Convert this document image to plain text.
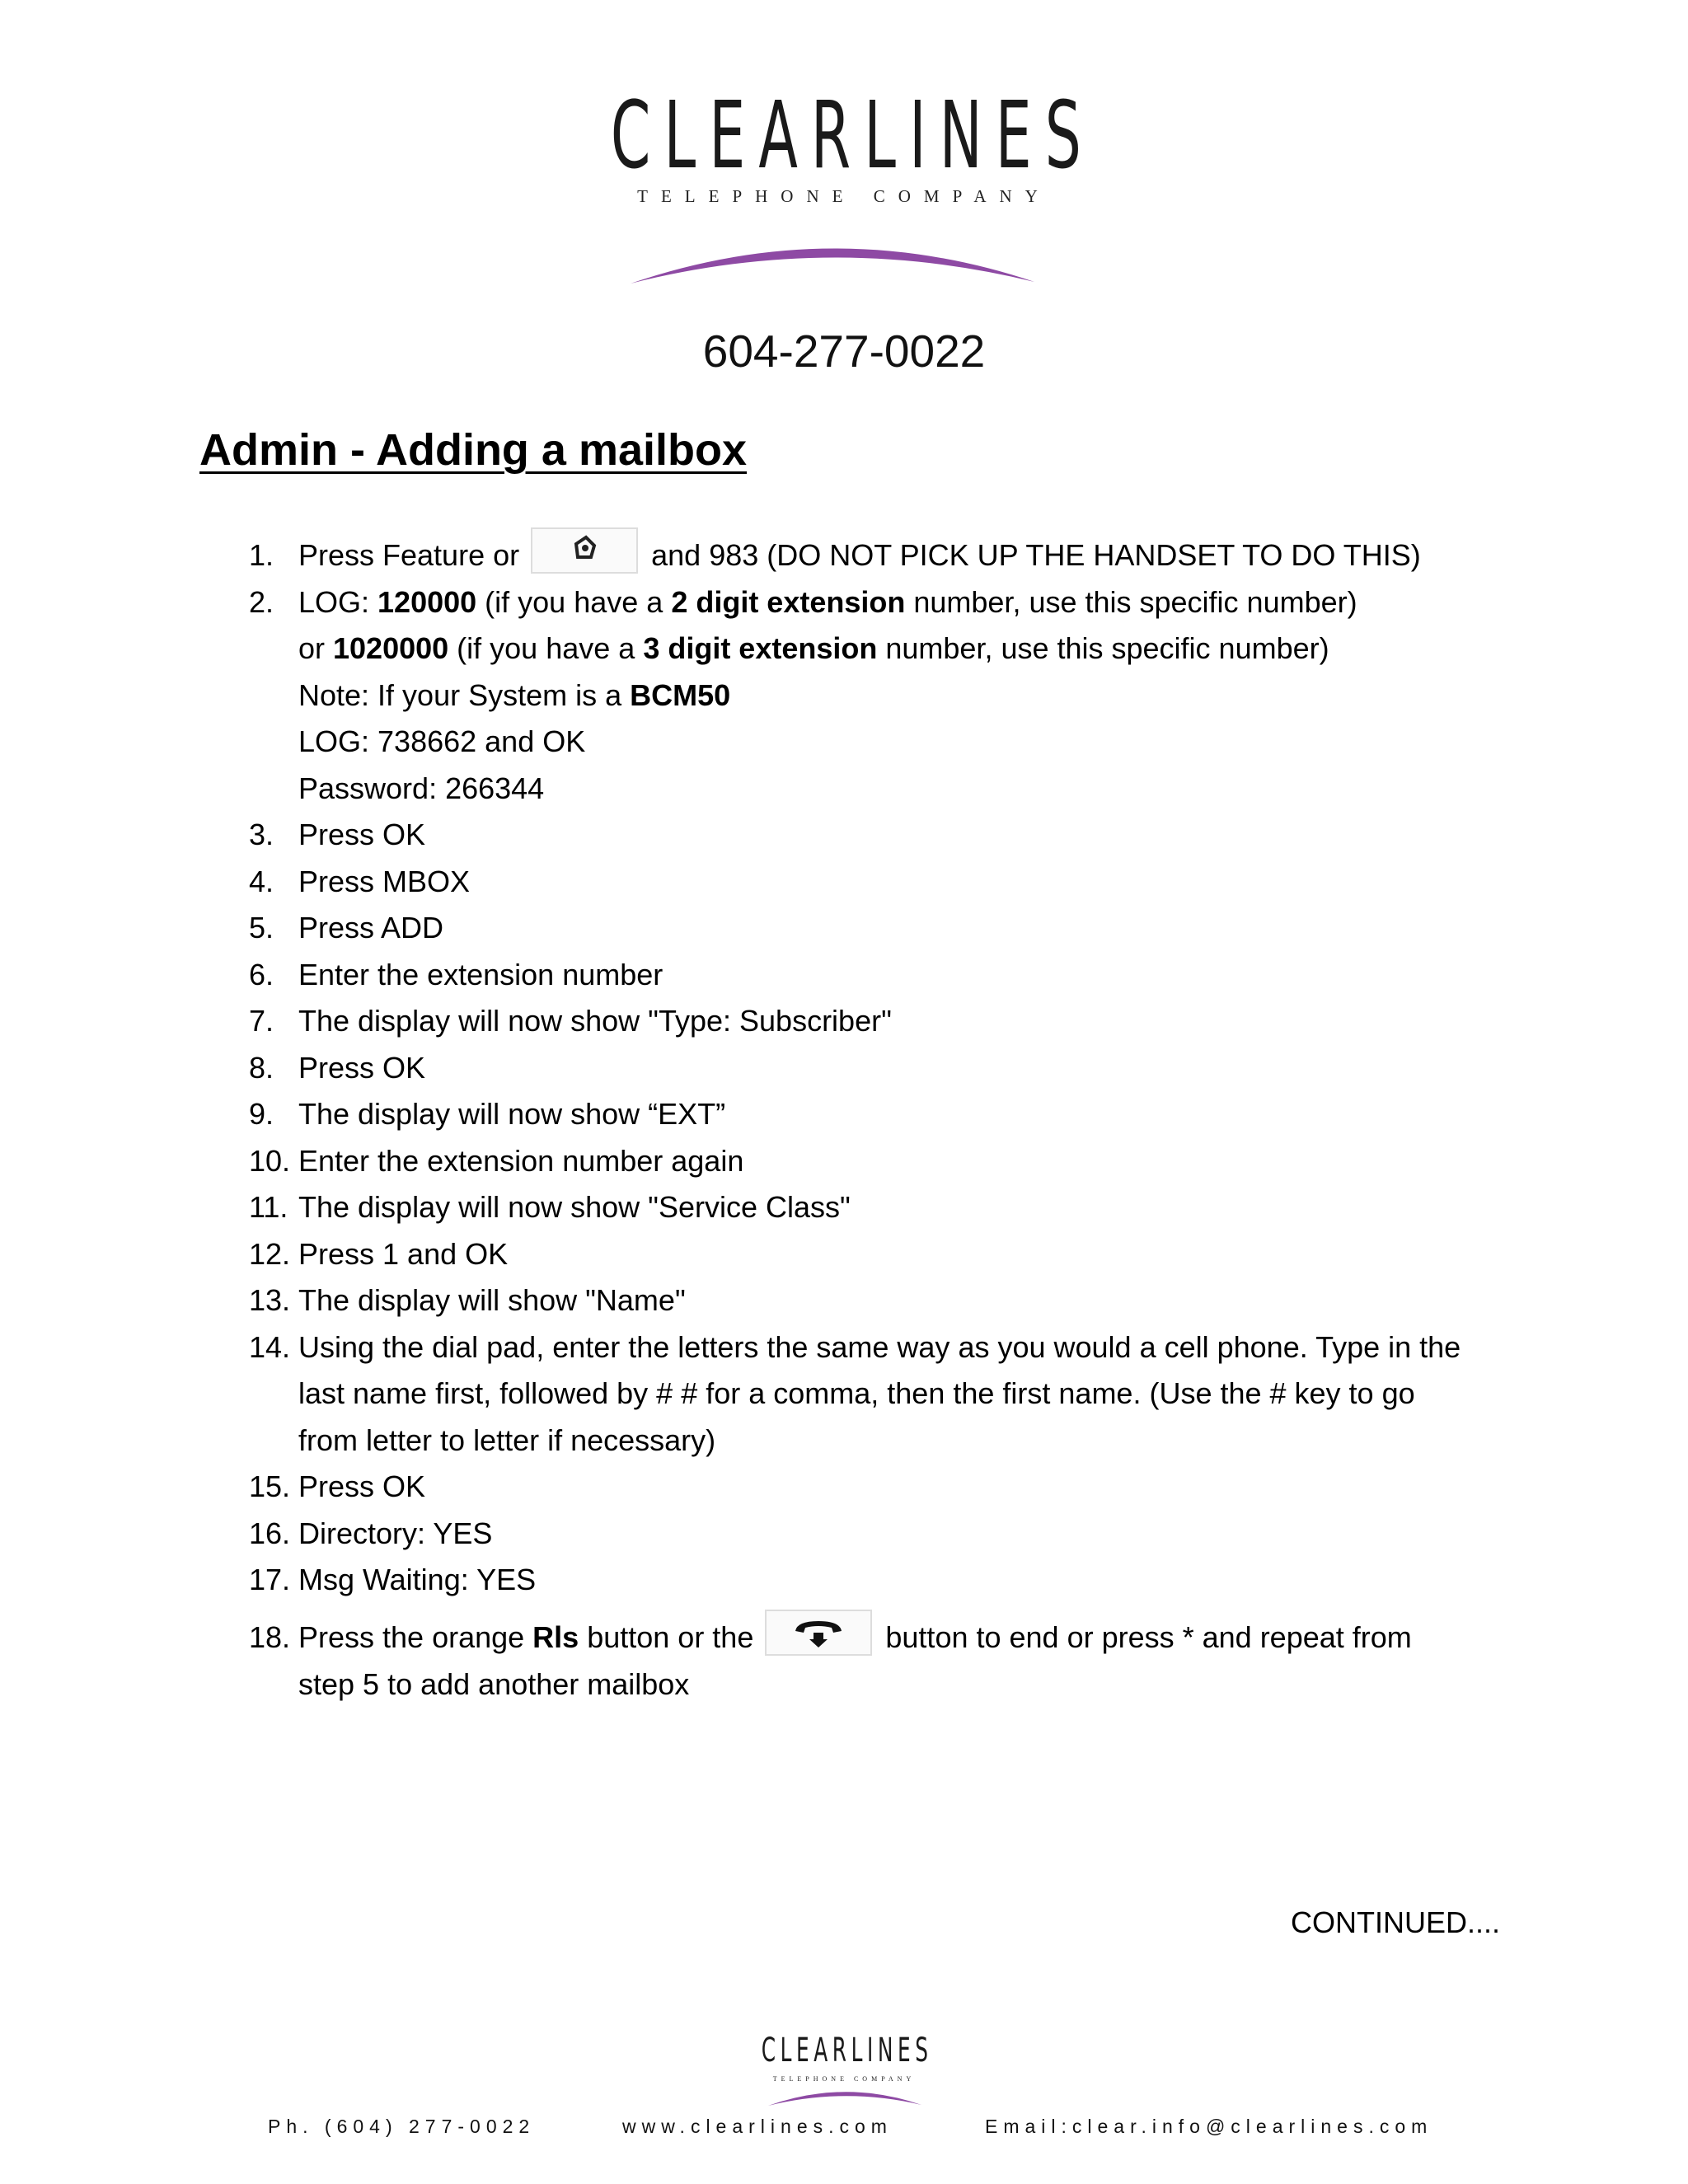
CLEARLINES
TELEPHONE COMPANY
604-277-0022
Admin - Adding a mailbox
1. Press Feature or	and 983 (DO NOT PICK UP THE HANDSET TO DO THIS)
2. LOG: 120000 (if you have a 2 digit extension number, use this specific number)
or 1020000 (if you have a 3 digit extension number, use this specific number)
Note: If your System is a BCM50
LOG: 738662 and OK
Password: 266344
3. Press OK
4. Press MBOX
5. Press ADD
6. Enter the extension number
7. The display will now show "Type: Subscriber"
8. Press OK
9. The display will now show “EXT”
10. Enter the extension number again
11. The display will now show "Service Class"
12. Press 1 and OK
13. The display will show "Name"
14. Using the dial pad, enter the letters the same way as you would a cell phone. Type in the
last name first, followed by # # for a comma, then the first name. (Use the # key to go
from letter to letter if necessary)
15. Press OK
16. Directory: YES
17. Msg Waiting: YES
18. Press the orange Rls button or the	button to end or press * and repeat from
step 5 to add another mailbox
CONTINUED....
CLEARLINES
TELEPHONE COMPANY
Ph. (604) 277-0022	www.clearlines.com	Email:clear.info@clearlines.com
